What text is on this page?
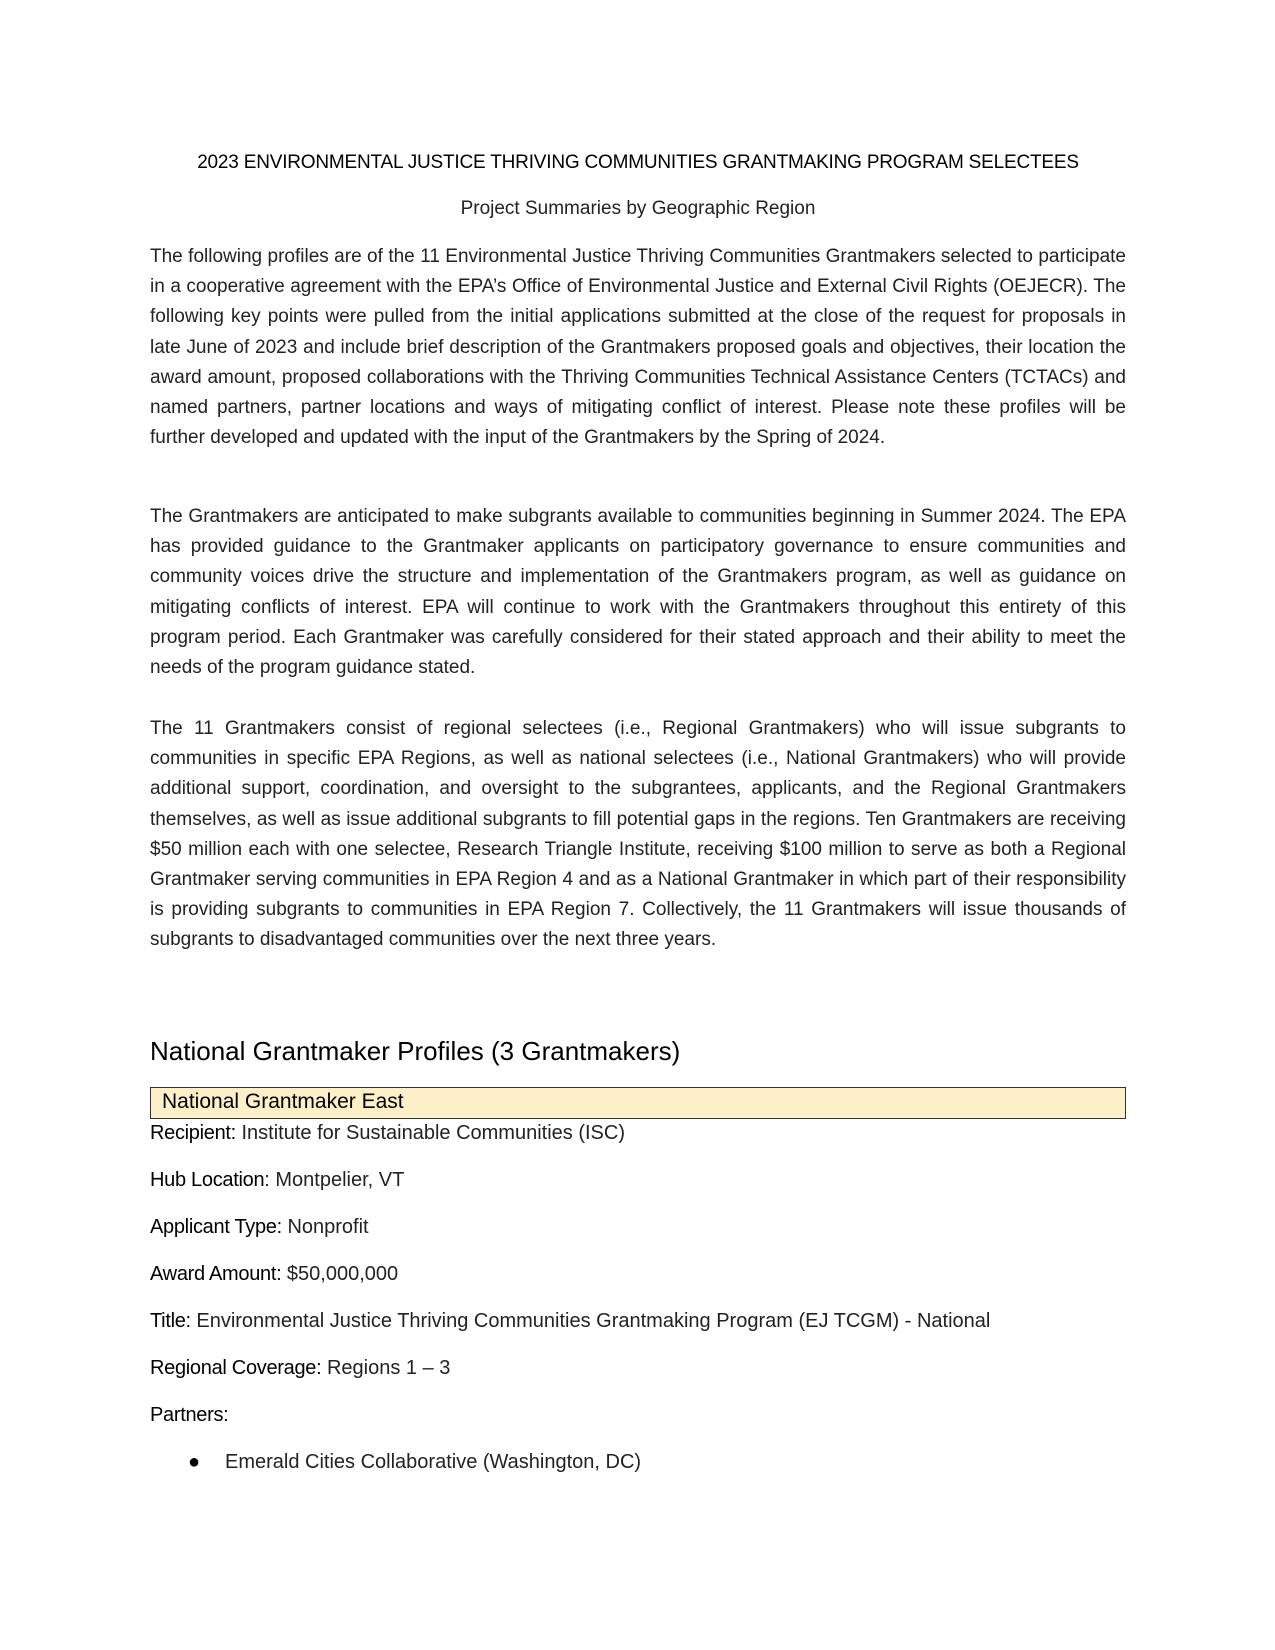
2023 ENVIRONMENTAL JUSTICE THRIVING COMMUNITIES GRANTMAKING PROGRAM SELECTEES
Project Summaries by Geographic Region

The following profiles are of the 11 Environmental Justice Thriving Communities Grantmakers selected to participate in a cooperative agreement with the EPA’s Office of Environmental Justice and External Civil Rights (OEJECR). The following key points were pulled from the initial applications submitted at the close of the request for proposals in late June of 2023 and include brief description of the Grantmakers proposed goals and objectives, their location the award amount, proposed collaborations with the Thriving Communities Technical Assistance Centers (TCTACs) and named partners, partner locations and ways of mitigating conflict of interest. Please note these profiles will be further developed and updated with the input of the Grantmakers by the Spring of 2024.

The Grantmakers are anticipated to make subgrants available to communities beginning in Summer 2024. The EPA has provided guidance to the Grantmaker applicants on participatory governance to ensure communities and community voices drive the structure and implementation of the Grantmakers program, as well as guidance on mitigating conflicts of interest. EPA will continue to work with the Grantmakers throughout this entirety of this program period. Each Grantmaker was carefully considered for their stated approach and their ability to meet the needs of the program guidance stated.

The 11 Grantmakers consist of regional selectees (i.e., Regional Grantmakers) who will issue subgrants to communities in specific EPA Regions, as well as national selectees (i.e., National Grantmakers) who will provide additional support, coordination, and oversight to the subgrantees, applicants, and the Regional Grantmakers themselves, as well as issue additional subgrants to fill potential gaps in the regions. Ten Grantmakers are receiving $50 million each with one selectee, Research Triangle Institute, receiving $100 million to serve as both a Regional Grantmaker serving communities in EPA Region 4 and as a National Grantmaker in which part of their responsibility is providing subgrants to communities in EPA Region 7. Collectively, the 11 Grantmakers will issue thousands of subgrants to disadvantaged communities over the next three years.

National Grantmaker Profiles (3 Grantmakers)
National Grantmaker East
Recipient: Institute for Sustainable Communities (ISC)
Hub Location: Montpelier, VT
Applicant Type: Nonprofit
Award Amount: $50,000,000
Title: Environmental Justice Thriving Communities Grantmaking Program (EJ TCGM) - National
Regional Coverage: Regions 1 – 3
Partners:
● Emerald Cities Collaborative (Washington, DC)
